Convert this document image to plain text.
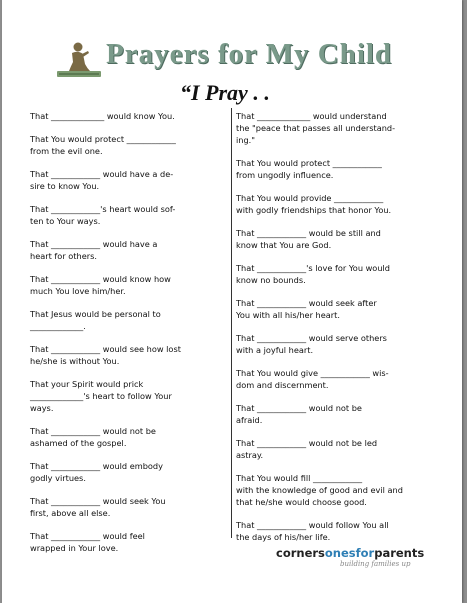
Prayers for My Child
“I Pray . .
That _____________ would know You.
That You would protect ____________
from the evil one.
That ____________ would have a de-
sire to know You.
That ____________'s heart would sof-
ten to Your ways.
That ____________ would have a
heart for others.
That ____________ would know how
much You love him/her.
That Jesus would be personal to
_____________.
That ____________ would see how lost
he/she is without You.
That your Spirit would prick
_____________'s heart to follow Your
ways.
That ____________ would not be
ashamed of the gospel.
That ____________ would embody
godly virtues.
That ____________ would seek You
first, above all else.
That ____________ would feel
wrapped in Your love.
That _____________ would understand
the "peace that passes all understand-
ing."
That You would protect ____________
from ungodly influence.
That You would provide ____________
with godly friendships that honor You.
That ____________ would be still and
know that You are God.
That ____________'s love for You would
know no bounds.
That ____________ would seek after
You with all his/her heart.
That ____________ would serve others
with a joyful heart.
That You would give ____________ wis-
dom and discernment.
That ____________ would not be
afraid.
That ____________ would not be led
astray.
That You would fill ____________
with the knowledge of good and evil and
that he/she would choose good.
That ____________ would follow You all
the days of his/her life.
cornersonesforparents
building families up
